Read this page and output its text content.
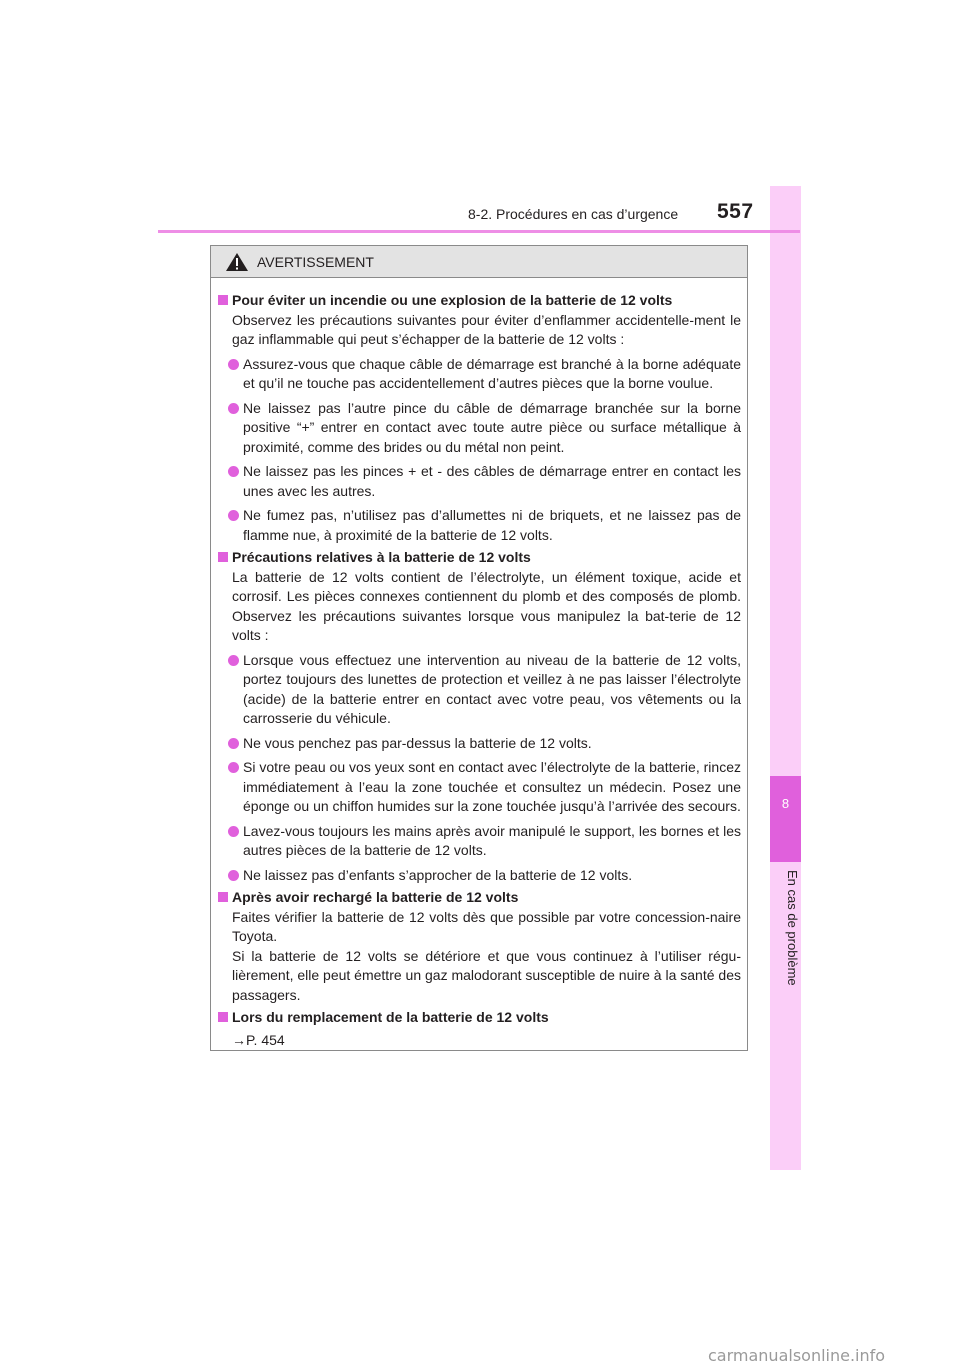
8
En cas de problème
8-2. Procédures en cas d’urgence 557
AVERTISSEMENT
Pour éviter un incendie ou une explosion de la batterie de 12 volts
Observez les précautions suivantes pour éviter d’enflammer accidentelle-ment le gaz inflammable qui peut s’échapper de la batterie de 12 volts :
Assurez-vous que chaque câble de démarrage est branché à la borne adéquate et qu’il ne touche pas accidentellement d’autres pièces que la borne voulue.
Ne laissez pas l’autre pince du câble de démarrage branchée sur la borne positive “+” entrer en contact avec toute autre pièce ou surface métallique à proximité, comme des brides ou du métal non peint.
Ne laissez pas les pinces + et - des câbles de démarrage entrer en contact les unes avec les autres.
Ne fumez pas, n’utilisez pas d’allumettes ni de briquets, et ne laissez pas de flamme nue, à proximité de la batterie de 12 volts.
Précautions relatives à la batterie de 12 volts
La batterie de 12 volts contient de l’électrolyte, un élément toxique, acide et corrosif. Les pièces connexes contiennent du plomb et des composés de plomb. Observez les précautions suivantes lorsque vous manipulez la bat-terie de 12 volts :
Lorsque vous effectuez une intervention au niveau de la batterie de 12 volts, portez toujours des lunettes de protection et veillez à ne pas laisser l’électrolyte (acide) de la batterie entrer en contact avec votre peau, vos vêtements ou la carrosserie du véhicule.
Ne vous penchez pas par-dessus la batterie de 12 volts.
Si votre peau ou vos yeux sont en contact avec l’électrolyte de la batterie, rincez immédiatement à l’eau la zone touchée et consultez un médecin. Posez une éponge ou un chiffon humides sur la zone touchée jusqu’à l’arrivée des secours.
Lavez-vous toujours les mains après avoir manipulé le support, les bornes et les autres pièces de la batterie de 12 volts.
Ne laissez pas d’enfants s’approcher de la batterie de 12 volts.
Après avoir rechargé la batterie de 12 volts
Faites vérifier la batterie de 12 volts dès que possible par votre concession-naire Toyota.
Si la batterie de 12 volts se détériore et que vous continuez à l’utiliser régu-lièrement, elle peut émettre un gaz malodorant susceptible de nuire à la santé des passagers.
Lors du remplacement de la batterie de 12 volts
→P. 454
carmanualsonline.info
